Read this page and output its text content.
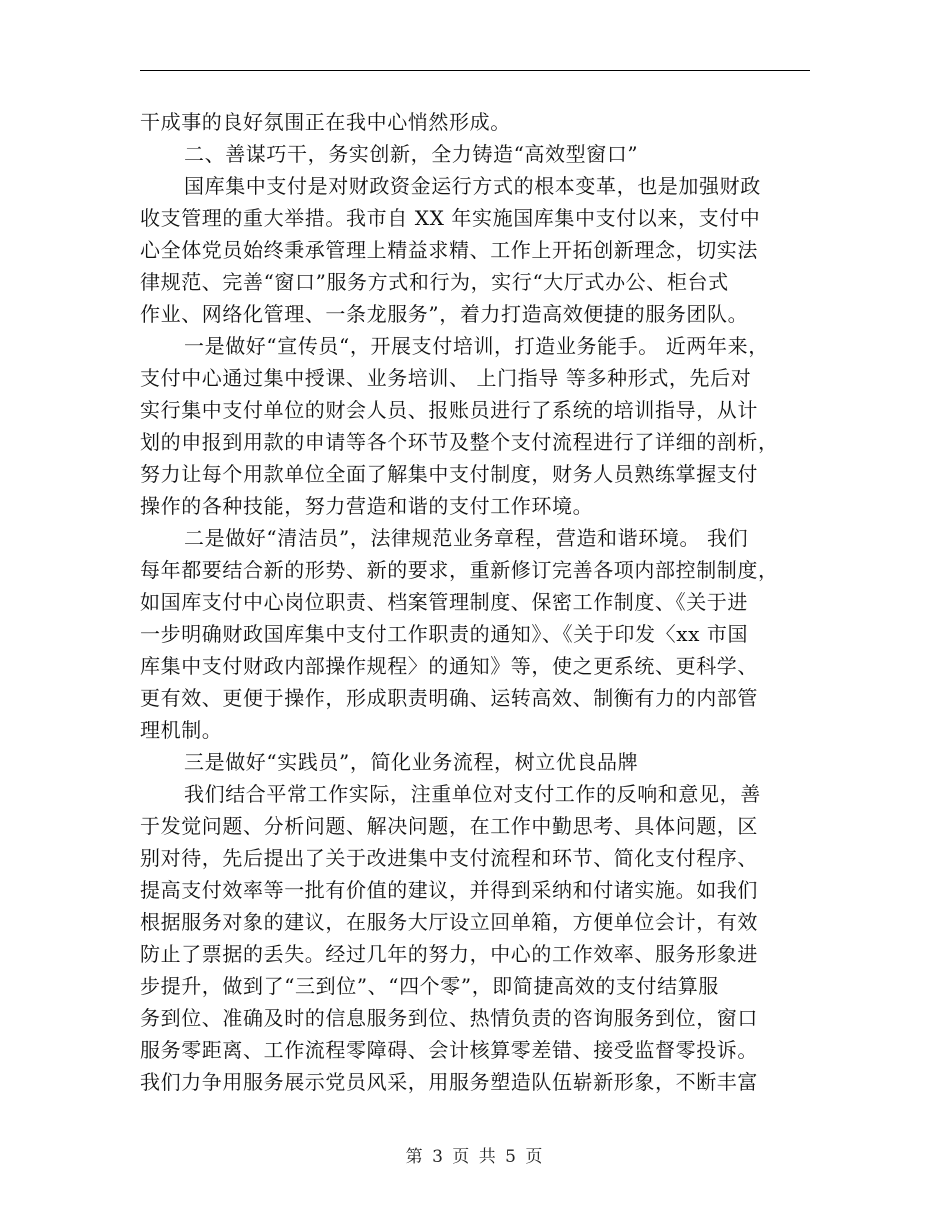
干成事的良好氛围正在我中心悄然形成。
二、善谋巧干，务实创新，全力铸造“高效型窗口”
国库集中支付是对财政资金运行方式的根本变革，也是加强财政
收支管理的重大举措。我市自 XX 年实施国库集中支付以来，支付中
心全体党员始终秉承管理上精益求精、工作上开拓创新理念，切实法
律规范、完善“窗口”服务方式和行为，实行“大厅式办公、柜台式
作业、网络化管理、一条龙服务”，着力打造高效便捷的服务团队。
一是做好“宣传员“，开展支付培训，打造业务能手。 近两年来，
支付中心通过集中授课、业务培训、 上门指导 等多种形式，先后对
实行集中支付单位的财会人员、报账员进行了系统的培训指导，从计
划的申报到用款的申请等各个环节及整个支付流程进行了详细的剖析，
努力让每个用款单位全面了解集中支付制度，财务人员熟练掌握支付
操作的各种技能，努力营造和谐的支付工作环境。
二是做好“清洁员”，法律规范业务章程，营造和谐环境。 我们
每年都要结合新的形势、新的要求，重新修订完善各项内部控制制度，
如国库支付中心岗位职责、档案管理制度、保密工作制度、《关于进
一步明确财政国库集中支付工作职责的通知》、《关于印发〈xx 市国
库集中支付财政内部操作规程〉的通知》等，使之更系统、更科学、
更有效、更便于操作，形成职责明确、运转高效、制衡有力的内部管
理机制。
三是做好“实践员”，简化业务流程，树立优良品牌
我们结合平常工作实际，注重单位对支付工作的反响和意见，善
于发觉问题、分析问题、解决问题，在工作中勤思考、具体问题，区
别对待，先后提出了关于改进集中支付流程和环节、简化支付程序、
提高支付效率等一批有价值的建议，并得到采纳和付诸实施。如我们
根据服务对象的建议，在服务大厅设立回单箱，方便单位会计，有效
防止了票据的丢失。经过几年的努力，中心的工作效率、服务形象进
步提升，做到了“三到位”、“四个零”，即简捷高效的支付结算服
务到位、准确及时的信息服务到位、热情负责的咨询服务到位，窗口
服务零距离、工作流程零障碍、会计核算零差错、接受监督零投诉。
我们力争用服务展示党员风采，用服务塑造队伍崭新形象，不断丰富
第 3 页 共 5 页
